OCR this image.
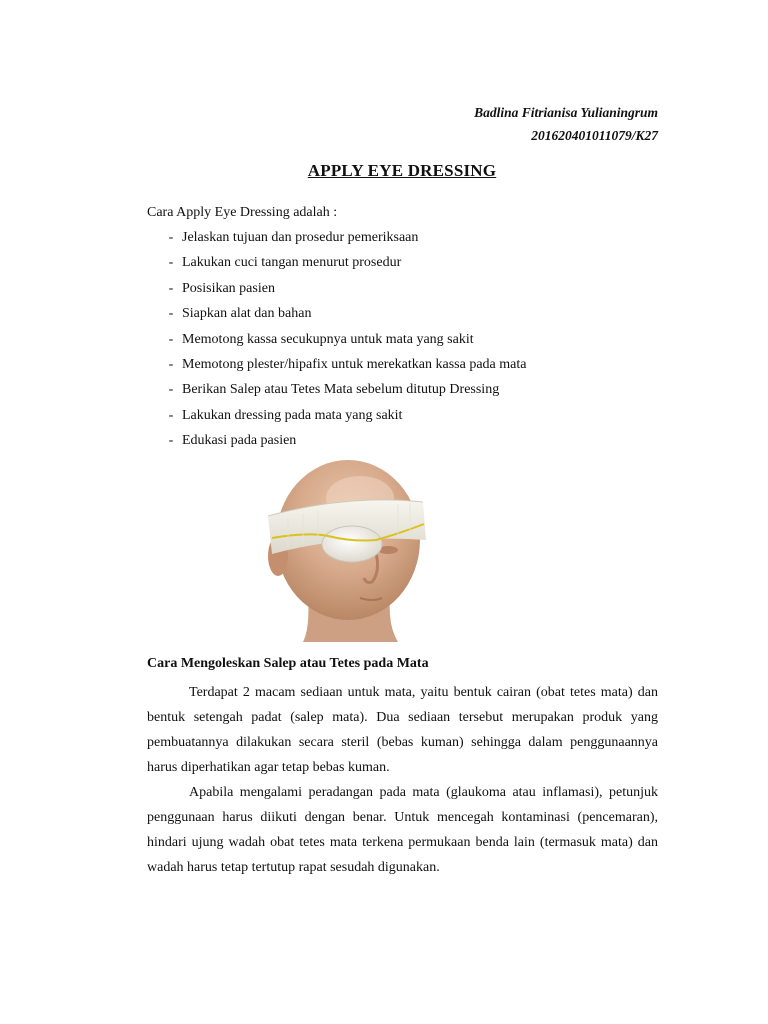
Badlina Fitrianisa Yulianingrum
201620401011079/K27
APPLY EYE DRESSING
Cara Apply Eye Dressing adalah :
- Jelaskan tujuan dan prosedur pemeriksaan
- Lakukan cuci tangan menurut prosedur
- Posisikan pasien
- Siapkan alat dan bahan
- Memotong kassa secukupnya untuk mata yang sakit
- Memotong plester/hipafix untuk merekatkan kassa pada mata
- Berikan Salep atau Tetes Mata sebelum ditutup Dressing
- Lakukan dressing pada mata yang sakit
- Edukasi pada pasien
Cara Mengoleskan Salep atau Tetes pada Mata

Terdapat 2 macam sediaan untuk mata, yaitu bentuk cairan (obat tetes mata) dan bentuk setengah padat (salep mata). Dua sediaan tersebut merupakan produk yang pembuatannya dilakukan secara steril (bebas kuman) sehingga dalam penggunaannya harus diperhatikan agar tetap bebas kuman.

Apabila mengalami peradangan pada mata (glaukoma atau inflamasi), petunjuk penggunaan harus diikuti dengan benar. Untuk mencegah kontaminasi (pencemaran), hindari ujung wadah obat tetes mata terkena permukaan benda lain (termasuk mata) dan wadah harus tetap tertutup rapat sesudah digunakan.
